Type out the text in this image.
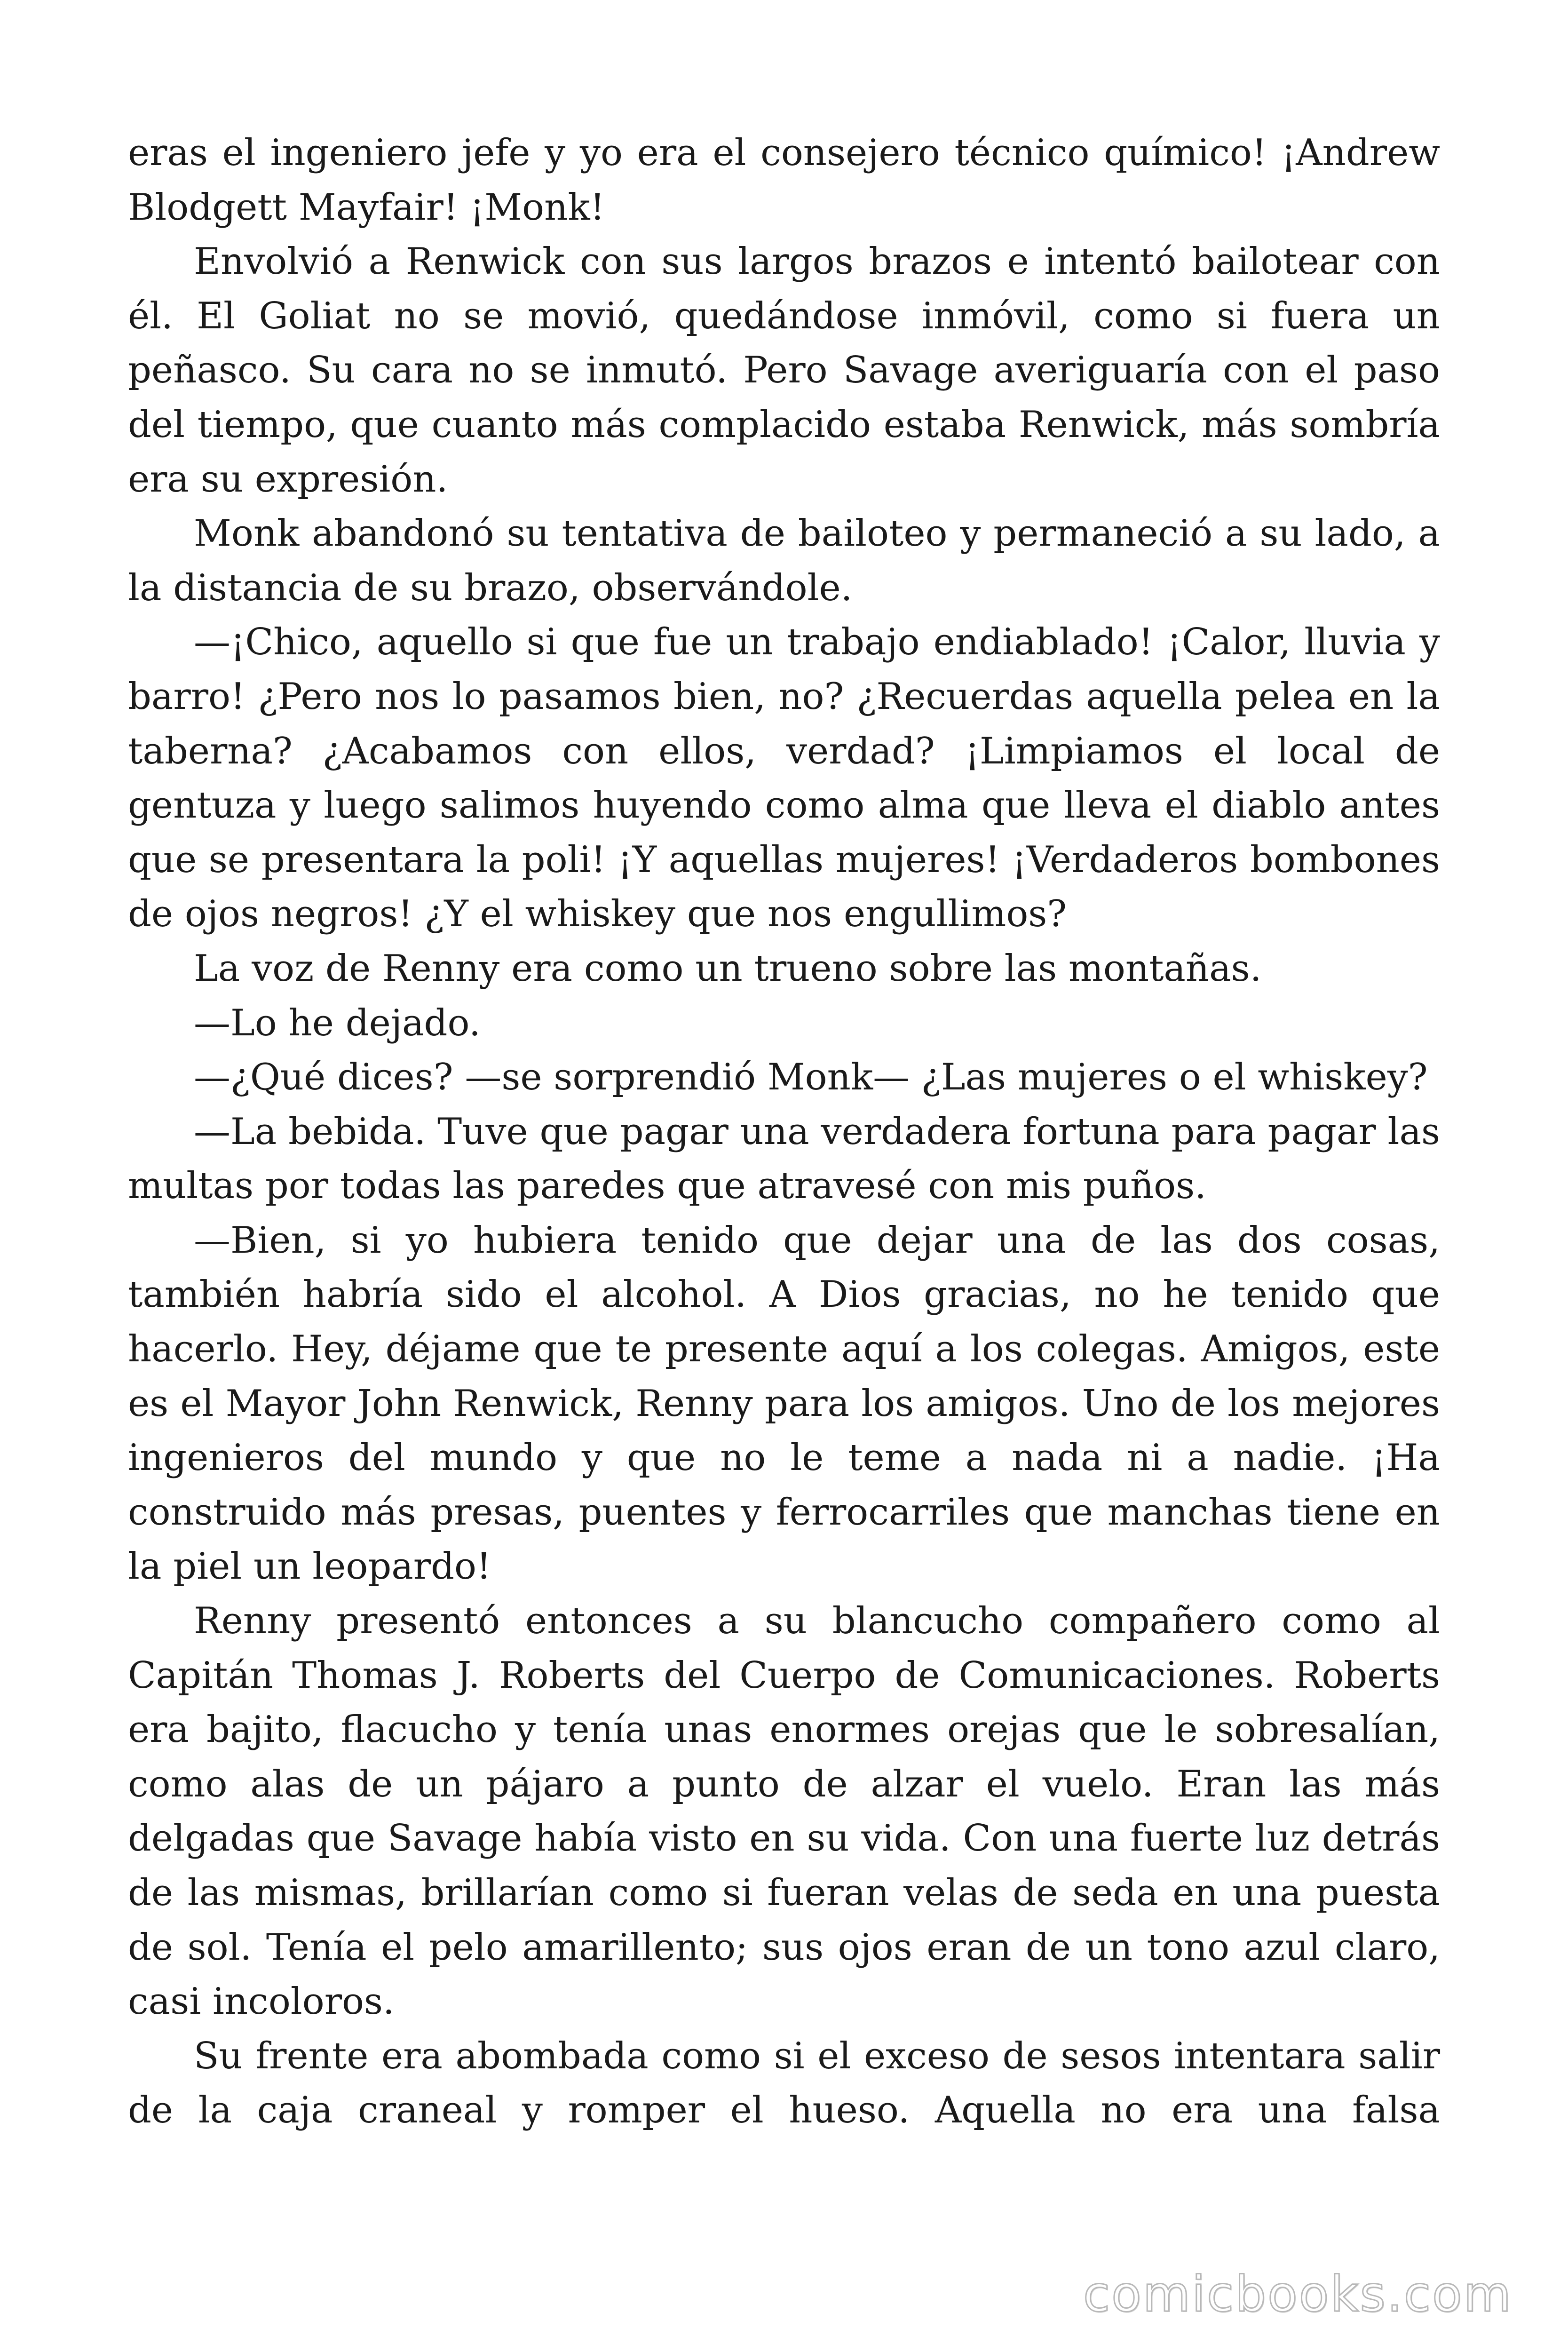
eras el ingeniero jefe y yo era el consejero técnico químico! ¡Andrew Blodgett Mayfair! ¡Monk!

Envolvió a Renwick con sus largos brazos e intentó bailotear con él. El Goliat no se movió, quedándose inmóvil, como si fuera un peñasco. Su cara no se inmutó. Pero Savage averiguaría con el paso del tiempo, que cuanto más complacido estaba Renwick, más sombría era su expresión.

Monk abandonó su tentativa de bailoteo y permaneció a su lado, a la distancia de su brazo, observándole.

—¡Chico, aquello si que fue un trabajo endiablado! ¡Calor, lluvia y barro! ¿Pero nos lo pasamos bien, no? ¿Recuerdas aquella pelea en la taberna? ¿Acabamos con ellos, verdad? ¡Limpiamos el local de gentuza y luego salimos huyendo como alma que lleva el diablo antes que se presentara la poli! ¡Y aquellas mujeres! ¡Verdaderos bombones de ojos negros! ¿Y el whiskey que nos engullimos?

La voz de Renny era como un trueno sobre las montañas.

—Lo he dejado.

—¿Qué dices? —se sorprendió Monk— ¿Las mujeres o el whiskey?

—La bebida. Tuve que pagar una verdadera fortuna para pagar las multas por todas las paredes que atravesé con mis puños.

—Bien, si yo hubiera tenido que dejar una de las dos cosas, también habría sido el alcohol. A Dios gracias, no he tenido que hacerlo. Hey, déjame que te presente aquí a los colegas. Amigos, este es el Mayor John Renwick, Renny para los amigos. Uno de los mejores ingenieros del mundo y que no le teme a nada ni a nadie. ¡Ha construido más presas, puentes y ferrocarriles que manchas tiene en la piel un leopardo!

Renny presentó entonces a su blancucho compañero como al Capitán Thomas J. Roberts del Cuerpo de Comunicaciones. Roberts era bajito, flacucho y tenía unas enormes orejas que le sobresalían, como alas de un pájaro a punto de alzar el vuelo. Eran las más delgadas que Savage había visto en su vida. Con una fuerte luz detrás de las mismas, brillarían como si fueran velas de seda en una puesta de sol. Tenía el pelo amarillento; sus ojos eran de un tono azul claro, casi incoloros.

Su frente era abombada como si el exceso de sesos intentara salir de la caja craneal y romper el hueso. Aquella no era una falsa

comicbooks.com
